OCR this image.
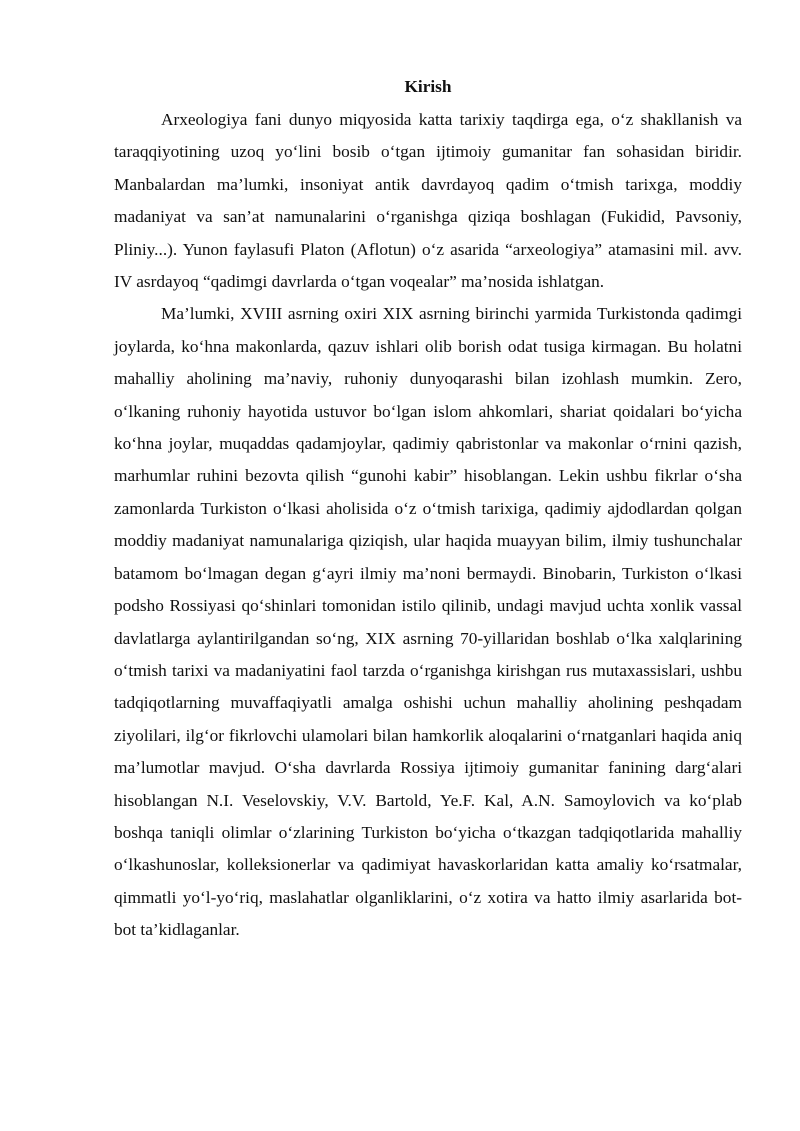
Kirish

Arxeologiya fani dunyo miqyosida katta tarixiy taqdirga ega, o‘z shakllanish va taraqqiyotining uzoq yo‘lini bosib o‘tgan ijtimoiy gumanitar fan sohasidan biridir. Manbalardan ma’lumki, insoniyat antik davrdayoq qadim o‘tmish tarixga, moddiy madaniyat va san’at namunalarini o‘rganishga qiziqa boshlagan (Fukidid, Pavsoniy, Pliniy...). Yunon faylasufi Platon (Aflotun) o‘z asarida “arxeologiya” atamasini mil. avv. IV asrdayoq “qadimgi davrlarda o‘tgan voqealar” ma’nosida ishlatgan.

Ma’lumki, XVIII asrning oxiri XIX asrning birinchi yarmida Turkistonda qadimgi joylarda, ko‘hna makonlarda, qazuv ishlari olib borish odat tusiga kirmagan. Bu holatni mahalliy aholining ma’naviy, ruhoniy dunyoqarashi bilan izohlash mumkin. Zero, o‘lkaning ruhoniy hayotida ustuvor bo‘lgan islom ahkomlari, shariat qoidalari bo‘yicha ko‘hna joylar, muqaddas qadamjoylar, qadimiy qabristonlar va makonlar o‘rnini qazish, marhumlar ruhini bezovta qilish “gunohi kabir” hisoblangan. Lekin ushbu fikrlar o‘sha zamonlarda Turkiston o‘lkasi aholisida o‘z o‘tmish tarixiga, qadimiy ajdodlardan qolgan moddiy madaniyat namunalariga qiziqish, ular haqida muayyan bilim, ilmiy tushunchalar batamom bo‘lmagan degan g‘ayri ilmiy ma’noni bermaydi. Binobarin, Turkiston o‘lkasi podsho Rossiyasi qo‘shinlari tomonidan istilo qilinib, undagi mavjud uchta xonlik vassal davlatlarga aylantirilgandan so‘ng, XIX asrning 70-yillaridan boshlab o‘lka xalqlarining o‘tmish tarixi va madaniyatini faol tarzda o‘rganishga kirishgan rus mutaxassislari, ushbu tadqiqotlarning muvaffaqiyatli amalga oshishi uchun mahalliy aholining peshqadam ziyolilari, ilg‘or fikrlovchi ulamolari bilan hamkorlik aloqalarini o‘rnatganlari haqida aniq ma’lumotlar mavjud. O‘sha davrlarda Rossiya ijtimoiy gumanitar fanining darg‘alari hisoblangan N.I. Veselovskiy, V.V. Bartold, Ye.F. Kal, A.N. Samoylovich va ko‘plab boshqa taniqli olimlar o‘zlarining Turkiston bo‘yicha o‘tkazgan tadqiqotlarida mahalliy o‘lkashunoslar, kolleksionerlar va qadimiyat havaskorlaridan katta amaliy ko‘rsatmalar, qimmatli yo‘l-yo‘riq, maslahatlar olganliklarini, o‘z xotira va hatto ilmiy asarlarida bot-bot ta’kidlaganlar.
